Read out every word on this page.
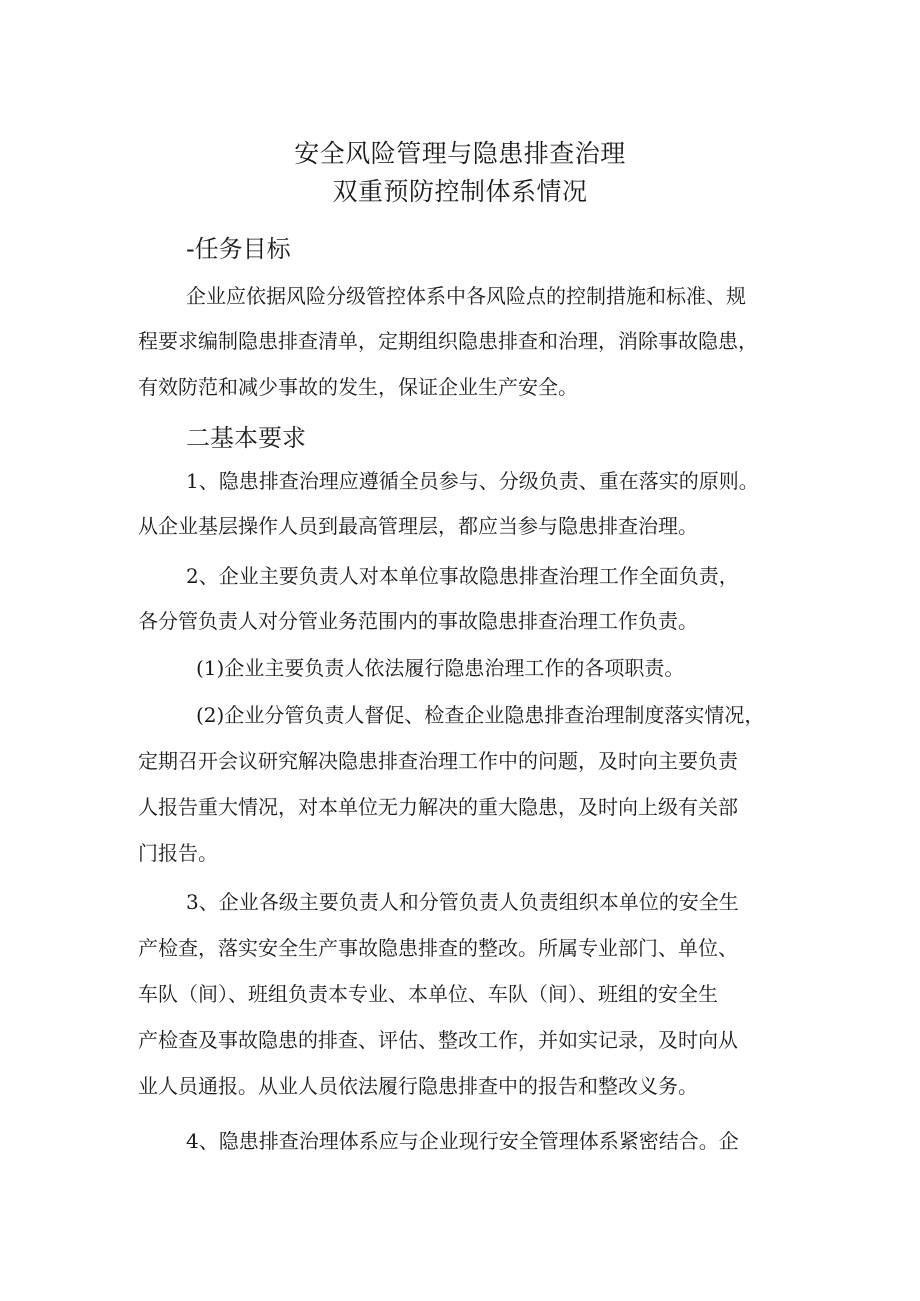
安全风险管理与隐患排查治理
双重预防控制体系情况
-任务目标
企业应依据风险分级管控体系中各风险点的控制措施和标准、规
程要求编制隐患排查清单，定期组织隐患排查和治理，消除事故隐患，
有效防范和减少事故的发生，保证企业生产安全。
二基本要求
1、隐患排查治理应遵循全员参与、分级负责、重在落实的原则。
从企业基层操作人员到最高管理层，都应当参与隐患排查治理。
2、企业主要负责人对本单位事故隐患排查治理工作全面负责，
各分管负责人对分管业务范围内的事故隐患排查治理工作负责。
(1)企业主要负责人依法履行隐患治理工作的各项职责。
(2)企业分管负责人督促、检查企业隐患排查治理制度落实情况，
定期召开会议研究解决隐患排查治理工作中的问题，及时向主要负责
人报告重大情况，对本单位无力解决的重大隐患，及时向上级有关部
门报告。
3、企业各级主要负责人和分管负责人负责组织本单位的安全生
产检查，落实安全生产事故隐患排查的整改。所属专业部门、单位、
车队（间）、班组负责本专业、本单位、车队（间）、班组的安全生
产检查及事故隐患的排查、评估、整改工作，并如实记录，及时向从
业人员通报。从业人员依法履行隐患排查中的报告和整改义务。
4、隐患排查治理体系应与企业现行安全管理体系紧密结合。企
